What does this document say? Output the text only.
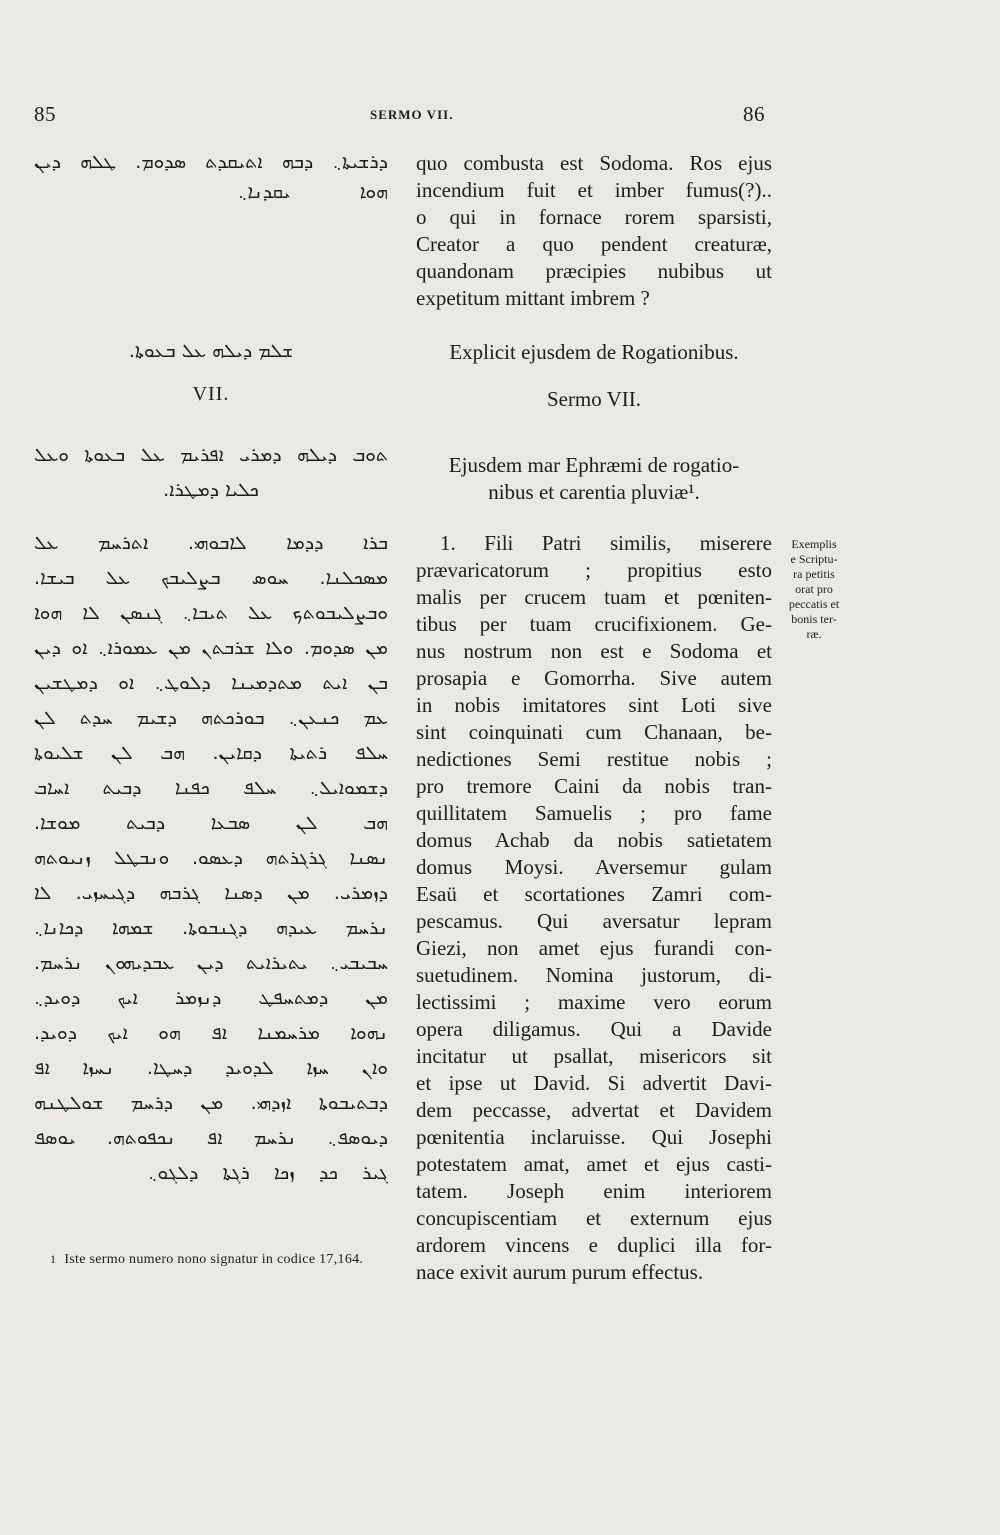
85	SERMO VII.	86
ܕܪܫܝܬܐ܆ ܕܒܗ ܐܬܝܩܕܬ ܣܕܘܡ. ܛܠܗ ܕܝܢ
ܗܘܐ ܝܩܕܢܐ܆
ܫܠܡ ܕܝܠܗ ܥܠ ܒܥܘܬܐ.
VII.
ܬܘܒ ܕܝܠܗ ܕܡܪܝ ܐܦܪܝܡ ܥܠ ܒܥܘܬܐ ܘܥܠ
ܟܠܝܐ ܕܡܛܪܐ.
ܒܪܐ ܕܕܡܐ ܠܐܒܘܗܝ. ܐܬܪܚܡ ܥܠ
ܡܣܟܠܢܐ. ܚܘܣ ܒܨܠܝܒܟ ܥܠ ܒܝܫܐ.
ܘܒܨܠܝܒܘܬܟ ܥܠ ܬܝܒܐ܆ ܓܢܣܢ ܠܐ ܗܘܐ
ܡܢ ܣܕܘܡ. ܘܠܐ ܫܪܒܬܢ ܡܢ ܥܡܘܪܐ܆ ܐܘ ܕܝܢ
ܒܢ ܐܝܬ ܡܬܕܡܝܢܐ ܕܠܘܛ܆ ܐܘ ܕܡܛܫܝܢ
ܥܡ ܟܢܥܢ܆ ܒܘܪܟܬܗ ܕܫܝܡ ܚܕܬ ܠܢ
ܚܠܦ ܪܬܝܬܐ ܕܩܐܝܢ. ܗܒ ܠܢ ܫܠܝܘܬܐ
ܕܫܡܘܐܝܠ܆ ܚܠܦ ܟܦܢܐ ܕܒܝܬ ܐܚܐܒ
ܗܒ ܠܢ ܣܒܥܐ ܕܒܝܬ ܡܘܫܐ.
ܢܣܢܐ ܓܪܓܪܬܗ ܕܥܣܘ. ܘܢܒܛܠ ܙܢܝܘܬܗ
ܕܙܡܪܝ. ܡܢ ܕܣܢܐ ܓܪܒܗ ܕܓܝܚܙܝ. ܠܐ
ܢܪܚܡ ܥܝܕܗ ܕܓܢܒܘܬܐ. ܫܡܗܐ ܕܟܐܢܐ܆
ܚܒܝܒܝ܆ ܝܬܝܪܐܝܬ ܕܝܢ ܥܒܕܝܗܘܢ ܢܪܚܡ.
ܡܢ ܕܡܬܚܦܛ ܕܢܙܡܪ ܐܝܟ ܕܘܝܕ܆
ܢܗܘܐ ܡܪܚܡܢܐ ܐܦ ܗܘ ܐܝܟ ܕܘܝܕ.
ܘܐܢ ܚܙܐ ܠܕܘܝܕ ܕܚܛܐ. ܢܚܙܐ ܐܦ
ܕܒܬܝܒܘܬܐ ܐܙܕܗܝ. ܡܢ ܕܪܚܡ ܫܘܠܛܢܗ
ܕܝܘܣܦ܆ ܢܪܚܡ ܐܦ ܢܟܦܘܬܗ. ܝܘܣܦ
ܓܝܪ ܟܕ ܙܟܐ ܪܓܬܐ ܕܠܓܘ܆
1 Iste sermo numero nono signatur in codice 17,164.
quo combusta est Sodoma. Ros ejus
incendium fuit et imber fumus(?)..
o qui in fornace rorem sparsisti,
Creator a quo pendent creaturæ,
quandonam præcipies nubibus ut
expetitum mittant imbrem ?
Explicit ejusdem de Rogationibus.
Sermo VII.
Ejusdem mar Ephræmi de rogatio-
nibus et carentia pluviæ¹.
1. Fili Patri similis, miserere
prævaricatorum ; propitius esto
malis per crucem tuam et pœniten-
tibus per tuam crucifixionem. Ge-
nus nostrum non est e Sodoma et
prosapia e Gomorrha. Sive autem
in nobis imitatores sint Loti sive
sint coinquinati cum Chanaan, be-
nedictiones Semi restitue nobis ;
pro tremore Caini da nobis tran-
quillitatem Samuelis ; pro fame
domus Achab da nobis satietatem
domus Moysi. Aversemur gulam
Esaü et scortationes Zamri com-
pescamus. Qui aversatur lepram
Giezi, non amet ejus furandi con-
suetudinem. Nomina justorum, di-
lectissimi ; maxime vero eorum
opera diligamus. Qui a Davide
incitatur ut psallat, misericors sit
et ipse ut David. Si advertit Davi-
dem peccasse, advertat et Davidem
pœnitentia inclaruisse. Qui Josephi
potestatem amat, amet et ejus casti-
tatem. Joseph enim interiorem
concupiscentiam et externum ejus
ardorem vincens e duplici illa for-
nace exivit aurum purum effectus.
Exemplis
e Scriptu-
ra petitis
orat pro
peccatis et
bonis ter-
ræ.
